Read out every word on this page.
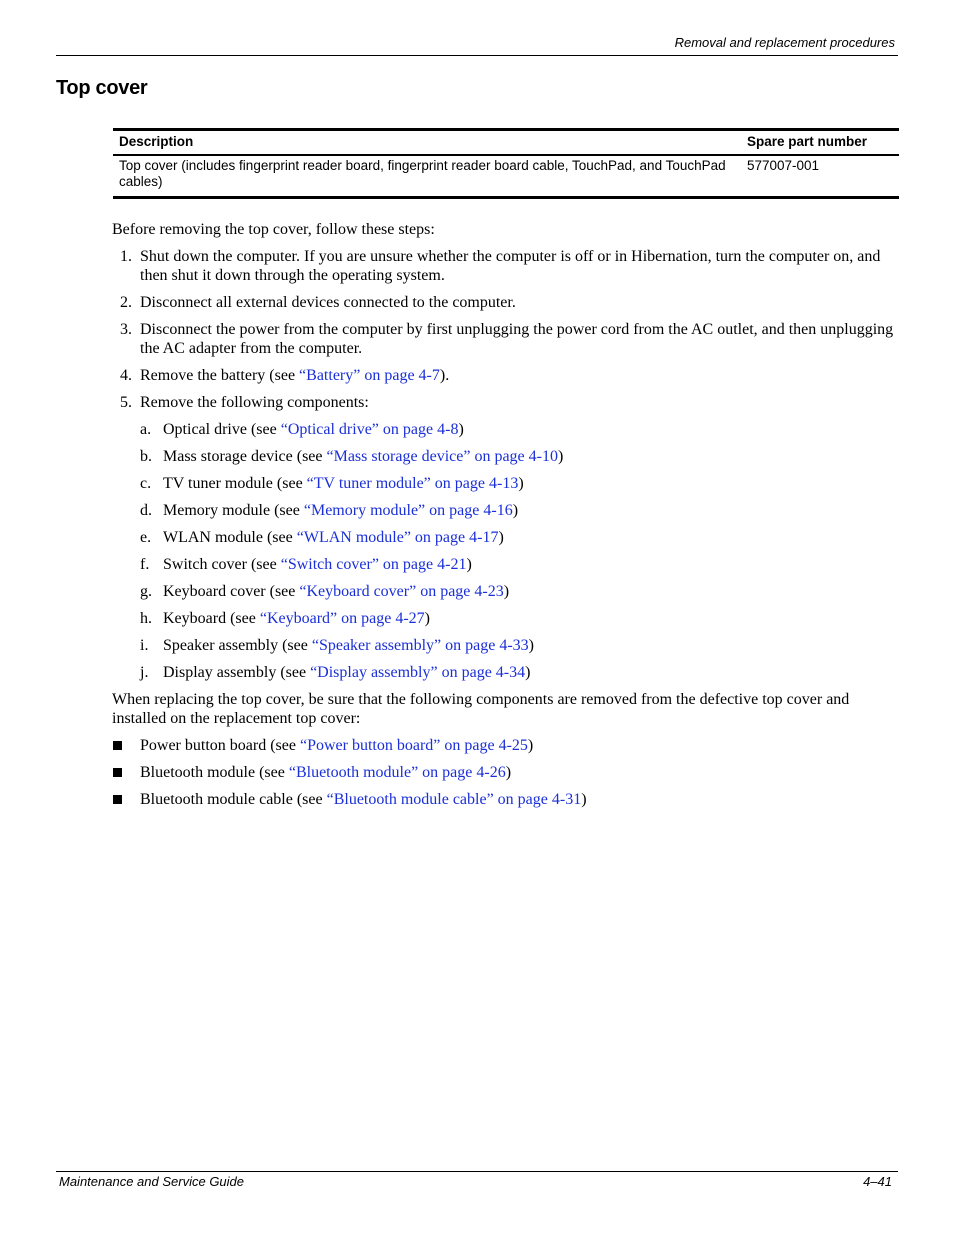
Removal and replacement procedures
Top cover
Description	Spare part number
Top cover (includes fingerprint reader board, fingerprint reader board cable, TouchPad, and TouchPad cables)	577007-001

Before removing the top cover, follow these steps:

1. Shut down the computer. If you are unsure whether the computer is off or in Hibernation, turn the computer on, and then shut it down through the operating system.
2. Disconnect all external devices connected to the computer.
3. Disconnect the power from the computer by first unplugging the power cord from the AC outlet, and then unplugging the AC adapter from the computer.
4. Remove the battery (see “Battery” on page 4-7).
5. Remove the following components:
a. Optical drive (see “Optical drive” on page 4-8)
b. Mass storage device (see “Mass storage device” on page 4-10)
c. TV tuner module (see “TV tuner module” on page 4-13)
d. Memory module (see “Memory module” on page 4-16)
e. WLAN module (see “WLAN module” on page 4-17)
f. Switch cover (see “Switch cover” on page 4-21)
g. Keyboard cover (see “Keyboard cover” on page 4-23)
h. Keyboard (see “Keyboard” on page 4-27)
i. Speaker assembly (see “Speaker assembly” on page 4-33)
j. Display assembly (see “Display assembly” on page 4-34)

When replacing the top cover, be sure that the following components are removed from the defective top cover and installed on the replacement top cover:

Power button board (see “Power button board” on page 4-25)
Bluetooth module (see “Bluetooth module” on page 4-26)
Bluetooth module cable (see “Bluetooth module cable” on page 4-31)
Maintenance and Service Guide	4–41
